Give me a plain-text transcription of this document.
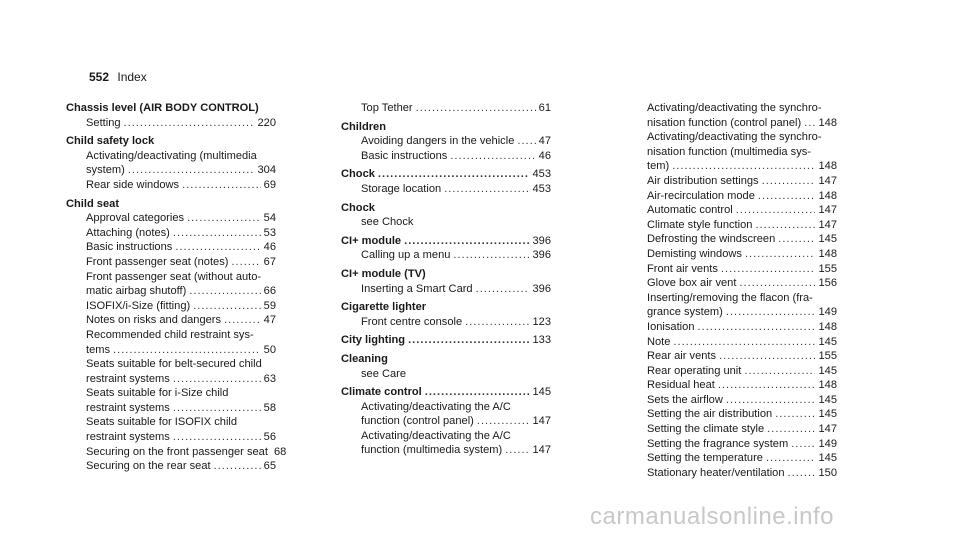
552 Index
Chassis level (AIR BODY CONTROL)
Setting .....	220
Child safety lock
Activating/deactivating (multimedia
system) .....	304
Rear side windows .....	69
Child seat
Approval categories .....	54
Attaching (notes) .....	53
Basic instructions .....	46
Front passenger seat (notes) .....	67
Front passenger seat (without auto-
matic airbag shutoff) .....	66
ISOFIX/i-Size (fitting) .....	59
Notes on risks and dangers .....	47
Recommended child restraint sys-
tems .....	50
Seats suitable for belt-secured child
restraint systems .....	63
Seats suitable for i-Size child
restraint systems .....	58
Seats suitable for ISOFIX child
restraint systems .....	56
Securing on the front passenger seat 68
Securing on the rear seat .....	65
Top Tether .....	61
Children
Avoiding dangers in the vehicle ..... 47
Basic instructions .....	46
Chock .....	453
Storage location .....	453
Chock
see Chock
CI+ module .....	396
Calling up a menu .....	396
CI+ module (TV)
Inserting a Smart Card .....	396
Cigarette lighter
Front centre console .....	123
City lighting .....	133
Cleaning
see Care
Climate control .....	145
Activating/deactivating the A/C
function (control panel) .....	147
Activating/deactivating the A/C
function (multimedia system) .....	147
Activating/deactivating the synchro-
nisation function (control panel) ..... 148
Activating/deactivating the synchro-
nisation function (multimedia sys-
tem) .....	148
Air distribution settings .....	147
Air-recirculation mode .....	148
Automatic control .....	147
Climate style function .....	147
Defrosting the windscreen .....	145
Demisting windows .....	148
Front air vents .....	155
Glove box air vent .....	156
Inserting/removing the flacon (fra-
grance system) .....	149
Ionisation .....	148
Note .....	145
Rear air vents .....	155
Rear operating unit .....	145
Residual heat .....	148
Sets the airflow .....	145
Setting the air distribution .....	145
Setting the climate style .....	147
Setting the fragrance system .....	149
Setting the temperature .....	145
Stationary heater/ventilation .....	150
carmanualsonline.info
